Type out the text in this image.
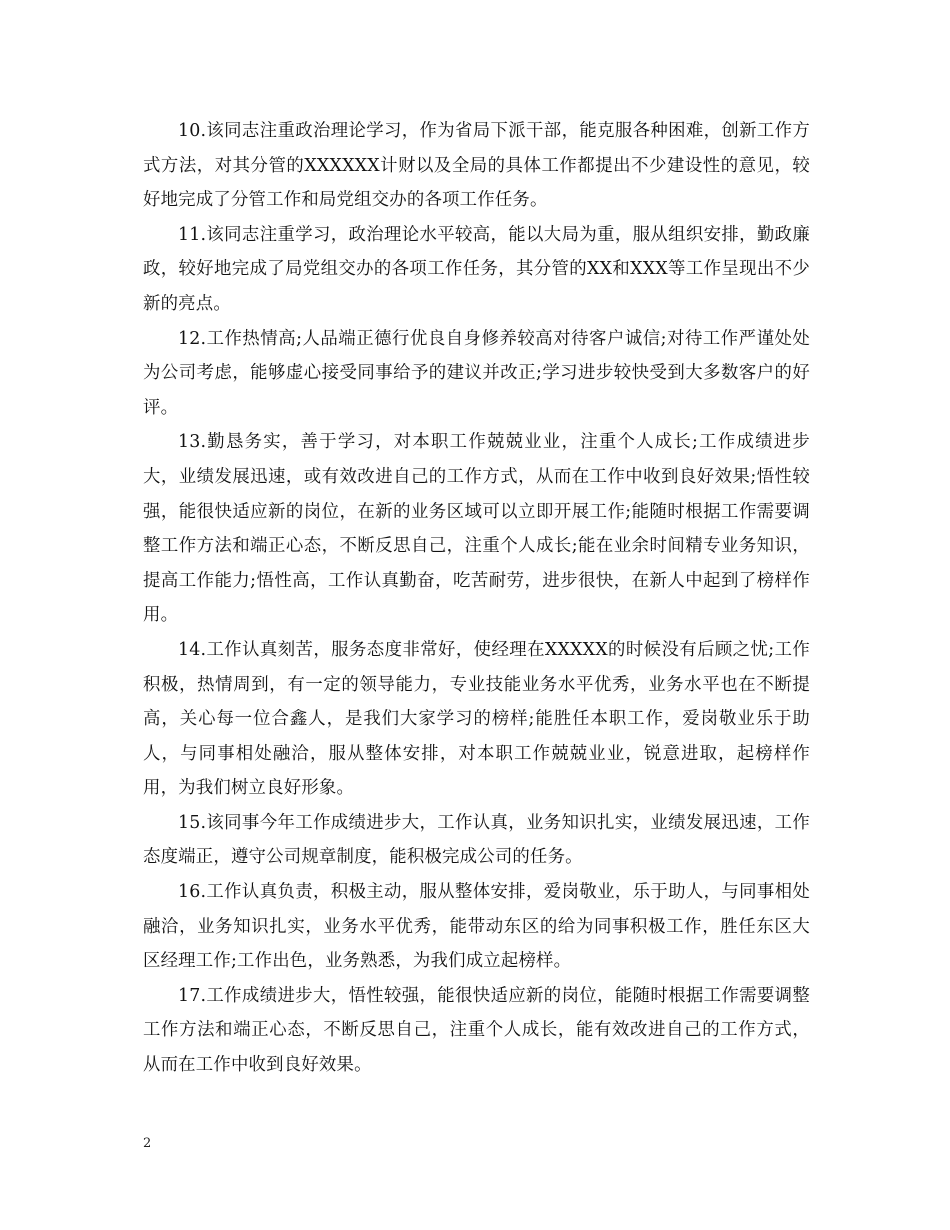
10.该同志注重政治理论学习，作为省局下派干部，能克服各种困难，创新工作方式方法，对其分管的XXXXXX计财以及全局的具体工作都提出不少建设性的意见，较好地完成了分管工作和局党组交办的各项工作任务。

11.该同志注重学习，政治理论水平较高，能以大局为重，服从组织安排，勤政廉政，较好地完成了局党组交办的各项工作任务，其分管的XX和XXX等工作呈现出不少新的亮点。

12.工作热情高;人品端正德行优良自身修养较高对待客户诚信;对待工作严谨处处为公司考虑，能够虚心接受同事给予的建议并改正;学习进步较快受到大多数客户的好评。

13.勤恳务实，善于学习，对本职工作兢兢业业，注重个人成长;工作成绩进步大，业绩发展迅速，或有效改进自己的工作方式，从而在工作中收到良好效果;悟性较强，能很快适应新的岗位，在新的业务区域可以立即开展工作;能随时根据工作需要调整工作方法和端正心态，不断反思自己，注重个人成长;能在业余时间精专业务知识，提高工作能力;悟性高，工作认真勤奋，吃苦耐劳，进步很快，在新人中起到了榜样作用。

14.工作认真刻苦，服务态度非常好，使经理在XXXXX的时候没有后顾之忧;工作积极，热情周到，有一定的领导能力，专业技能业务水平优秀，业务水平也在不断提高，关心每一位合鑫人，是我们大家学习的榜样;能胜任本职工作，爱岗敬业乐于助人，与同事相处融洽，服从整体安排，对本职工作兢兢业业，锐意进取，起榜样作用，为我们树立良好形象。

15.该同事今年工作成绩进步大，工作认真，业务知识扎实，业绩发展迅速，工作态度端正，遵守公司规章制度，能积极完成公司的任务。

16.工作认真负责，积极主动，服从整体安排，爱岗敬业，乐于助人，与同事相处融洽，业务知识扎实，业务水平优秀，能带动东区的给为同事积极工作，胜任东区大区经理工作;工作出色，业务熟悉，为我们成立起榜样。

17.工作成绩进步大，悟性较强，能很快适应新的岗位，能随时根据工作需要调整工作方法和端正心态，不断反思自己，注重个人成长，能有效改进自己的工作方式，从而在工作中收到良好效果。

2
